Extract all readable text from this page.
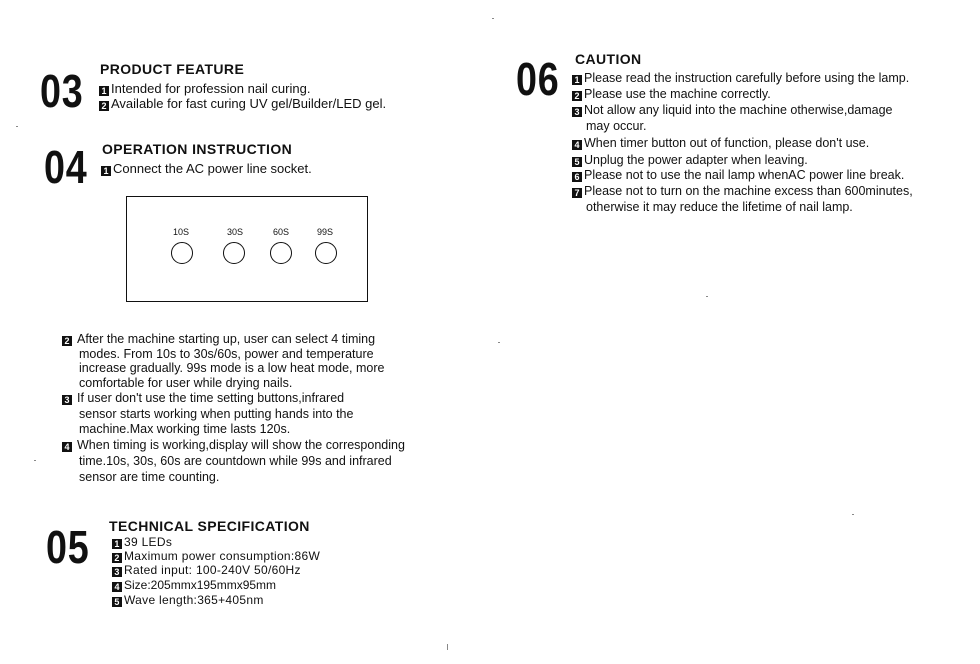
03 PRODUCT FEATURE
1 Intended for profession nail curing.
2 Available for fast curing UV gel/Builder/LED gel.
04 OPERATION INSTRUCTION
1 Connect the AC power line socket.
10S	30S	60S	99S
2 After the machine starting up, user can select 4 timing
modes. From 10s to 30s/60s, power and temperature
increase gradually. 99s mode is a low heat mode, more
comfortable for user while drying nails.
3 If user don't use the time setting buttons,infrared
sensor starts working when putting hands into the
machine.Max working time lasts 120s.
4 When timing is working,display will show the corresponding
time.10s, 30s, 60s are countdown while 99s and infrared
sensor are time counting.
05 TECHNICAL SPECIFICATION
1 39 LEDs
2 Maximum power consumption:86W
3 Rated input: 100-240V 50/60Hz
4 Size:205mmx195mmx95mm
5 Wave length:365+405nm
06 CAUTION
1 Please read the instruction carefully before using the lamp.
2 Please use the machine correctly.
3 Not allow any liquid into the machine otherwise,damage
may occur.
4 When timer button out of function, please don't use.
5 Unplug the power adapter when leaving.
6 Please not to use the nail lamp whenAC power line break.
7 Please not to turn on the machine excess than 600minutes,
otherwise it may reduce the lifetime of nail lamp.
